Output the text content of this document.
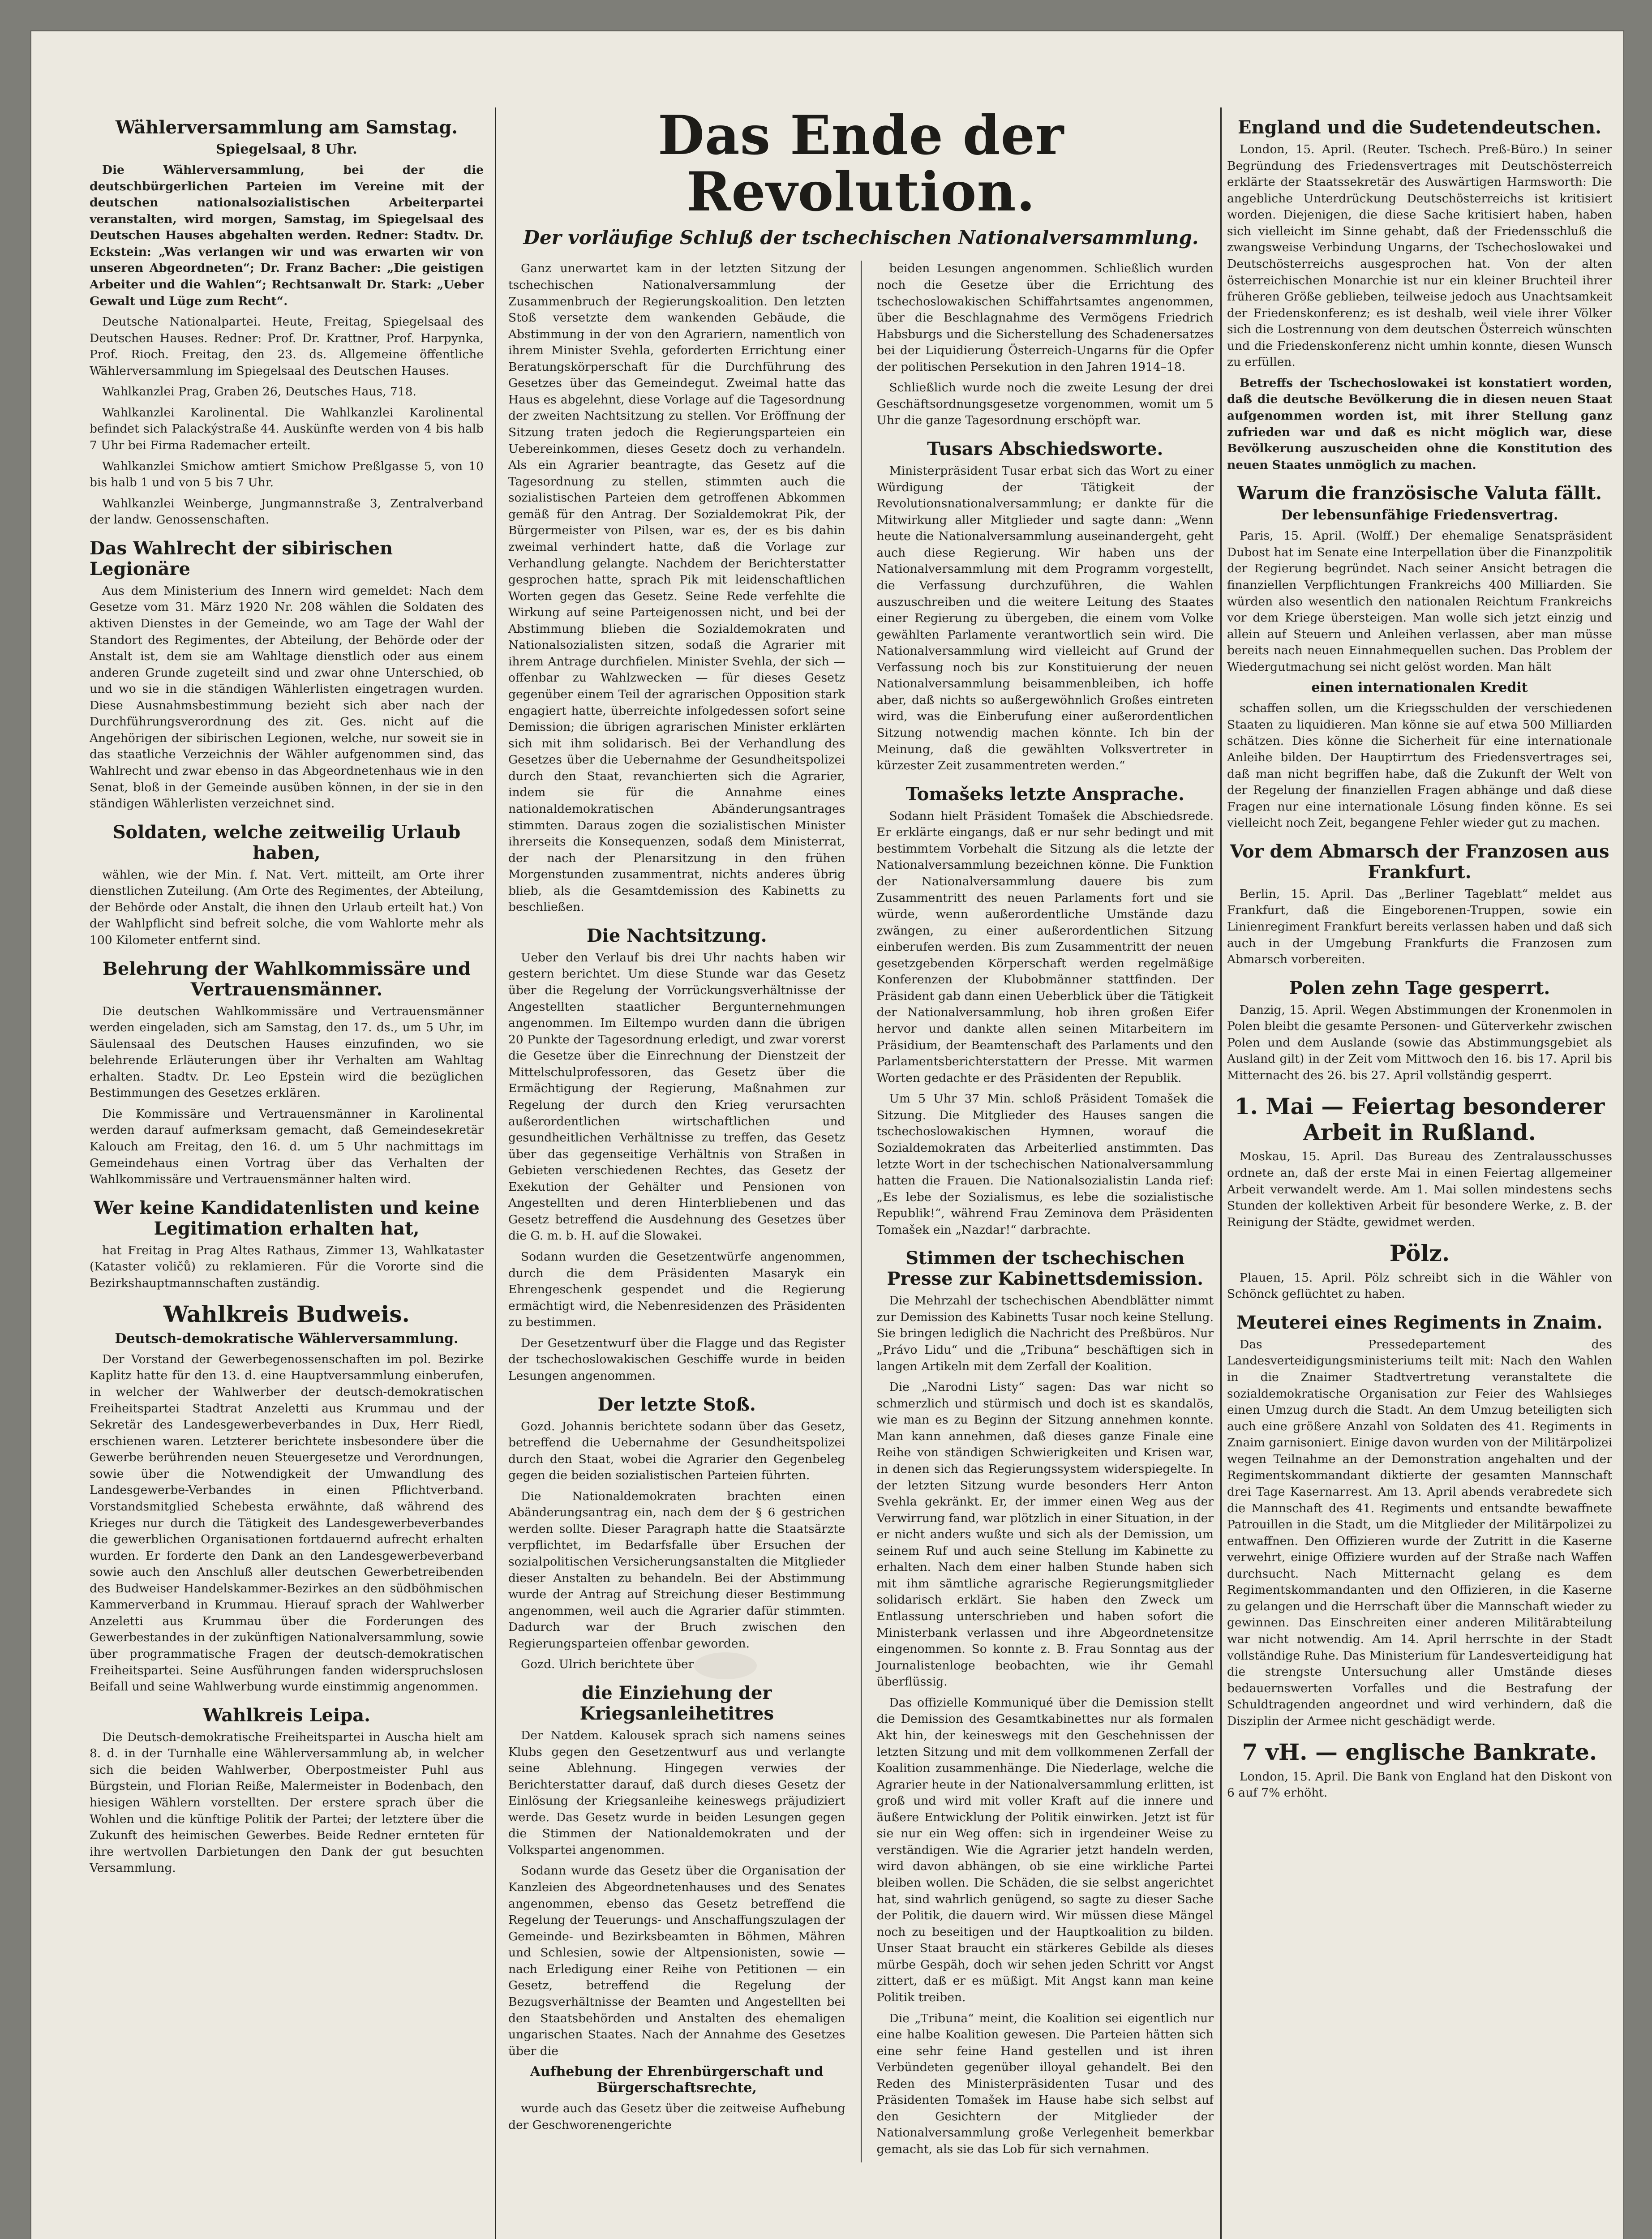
Wählerversammlung am Samstag.
Spiegelsaal, 8 Uhr.

Die Wählerversammlung, bei der die deutschbürgerlichen Parteien im Vereine mit der deutschen nationalsozialistischen Arbeiterpartei veranstalten, wird morgen, Samstag, im Spiegelsaal des Deutschen Hauses abgehalten werden. Redner: Stadtv. Dr. Eckstein: „Was verlangen wir und was erwarten wir von unseren Abgeordneten“; Dr. Franz Bacher: „Die geistigen Arbeiter und die Wahlen“; Rechtsanwalt Dr. Stark: „Ueber Gewalt und Lüge zum Recht“.

Deutsche Nationalpartei. Heute, Freitag, Spiegelsaal des Deutschen Hauses. Redner: Prof. Dr. Krattner, Prof. Harpynka, Prof. Rioch. Freitag, den 23. ds. Allgemeine öffentliche Wählerversammlung im Spiegelsaal des Deutschen Hauses.

Wahlkanzlei Prag, Graben 26, Deutsches Haus, 718.

Wahlkanzlei Karolinental. Die Wahlkanzlei Karolinental befindet sich Palackýstraße 44. Auskünfte werden von 4 bis halb 7 Uhr bei Firma Rademacher erteilt.

Wahlkanzlei Smichow amtiert Smichow Preßlgasse 5, von 10 bis halb 1 und von 5 bis 7 Uhr.

Wahlkanzlei Weinberge, Jungmannstraße 3, Zentralverband der landw. Genossenschaften.

Das Wahlrecht der sibirischen Legionäre

Aus dem Ministerium des Innern wird gemeldet: Nach dem Gesetze vom 31. März 1920 Nr. 208 wählen die Soldaten des aktiven Dienstes in der Gemeinde, wo am Tage der Wahl der Standort des Regimentes, der Abteilung, der Behörde oder der Anstalt ist, dem sie am Wahltage dienstlich oder aus einem anderen Grunde zugeteilt sind und zwar ohne Unterschied, ob und wo sie in die ständigen Wählerlisten eingetragen wurden. Diese Ausnahmsbestimmung bezieht sich aber nach der Durchführungsverordnung des zit. Ges. nicht auf die Angehörigen der sibirischen Legionen, welche, nur soweit sie in das staatliche Verzeichnis der Wähler aufgenommen sind, das Wahlrecht und zwar ebenso in das Abgeordnetenhaus wie in den Senat, bloß in der Gemeinde ausüben können, in der sie in den ständigen Wählerlisten verzeichnet sind.

Soldaten, welche zeitweilig Urlaub haben,

wählen, wie der Min. f. Nat. Vert. mitteilt, am Orte ihrer dienstlichen Zuteilung. (Am Orte des Regimentes, der Abteilung, der Behörde oder Anstalt, die ihnen den Urlaub erteilt hat.) Von der Wahlpflicht sind befreit solche, die vom Wahlorte mehr als 100 Kilometer entfernt sind.

Belehrung der Wahlkommissäre und Vertrauensmänner.

Die deutschen Wahlkommissäre und Vertrauensmänner werden eingeladen, sich am Samstag, den 17. ds., um 5 Uhr, im Säulensaal des Deutschen Hauses einzufinden, wo sie belehrende Erläuterungen über ihr Verhalten am Wahltag erhalten. Stadtv. Dr. Leo Epstein wird die bezüglichen Bestimmungen des Gesetzes erklären.

Die Kommissäre und Vertrauensmänner in Karolinental werden darauf aufmerksam gemacht, daß Gemeindesekretär Kalouch am Freitag, den 16. d. um 5 Uhr nachmittags im Gemeindehaus einen Vortrag über das Verhalten der Wahlkommissäre und Vertrauensmänner halten wird.

Wer keine Kandidatenlisten und keine Legitimation erhalten hat,

hat Freitag in Prag Altes Rathaus, Zimmer 13, Wahlkataster (Kataster voličů) zu reklamieren. Für die Vororte sind die Bezirkshauptmannschaften zuständig.

Wahlkreis Budweis.
Deutsch-demokratische Wählerversammlung.

Der Vorstand der Gewerbegenossenschaften im pol. Bezirke Kaplitz hatte für den 13. d. eine Hauptversammlung einberufen, in welcher der Wahlwerber der deutsch-demokratischen Freiheitspartei Stadtrat Anzeletti aus Krummau und der Sekretär des Landesgewerbeverbandes in Dux, Herr Riedl, erschienen waren. Letzterer berichtete insbesondere über die Gewerbe berührenden neuen Steuergesetze und Verordnungen, sowie über die Notwendigkeit der Umwandlung des Landesgewerbe-Verbandes in einen Pflichtverband. Vorstandsmitglied Schebesta erwähnte, daß während des Krieges nur durch die Tätigkeit des Landesgewerbeverbandes die gewerblichen Organisationen fortdauernd aufrecht erhalten wurden. Er forderte den Dank an den Landesgewerbeverband sowie auch den Anschluß aller deutschen Gewerbetreibenden des Budweiser Handelskammer-Bezirkes an den südböhmischen Kammerverband in Krummau. Hierauf sprach der Wahlwerber Anzeletti aus Krummau über die Forderungen des Gewerbestandes in der zukünftigen Nationalversammlung, sowie über programmatische Fragen der deutsch-demokratischen Freiheitspartei. Seine Ausführungen fanden widerspruchslosen Beifall und seine Wahlwerbung wurde einstimmig angenommen.

Wahlkreis Leipa.

Die Deutsch-demokratische Freiheitspartei in Auscha hielt am 8. d. in der Turnhalle eine Wählerversammlung ab, in welcher sich die beiden Wahlwerber, Oberpostmeister Puhl aus Bürgstein, und Florian Reiße, Malermeister in Bodenbach, den hiesigen Wählern vorstellten. Der erstere sprach über die Wohlen und die künftige Politik der Partei; der letztere über die Zukunft des heimischen Gewerbes. Beide Redner ernteten für ihre wertvollen Darbietungen den Dank der gut besuchten Versammlung.

Das Ende der Revolution.
Der vorläufige Schluß der tschechischen Nationalversammlung.

Ganz unerwartet kam in der letzten Sitzung der tschechischen Nationalversammlung der Zusammenbruch der Regierungskoalition. Den letzten Stoß versetzte dem wankenden Gebäude, die Abstimmung in der von den Agrariern, namentlich von ihrem Minister Svehla, geforderten Errichtung einer Beratungskörperschaft für die Durchführung des Gesetzes über das Gemeindegut. Zweimal hatte das Haus es abgelehnt, diese Vorlage auf die Tagesordnung der zweiten Nachtsitzung zu stellen. Vor Eröffnung der Sitzung traten jedoch die Regierungsparteien ein Uebereinkommen, dieses Gesetz doch zu verhandeln. Als ein Agrarier beantragte, das Gesetz auf die Tagesordnung zu stellen, stimmten auch die sozialistischen Parteien dem getroffenen Abkommen gemäß für den Antrag. Der Sozialdemokrat Pik, der Bürgermeister von Pilsen, war es, der es bis dahin zweimal verhindert hatte, daß die Vorlage zur Verhandlung gelangte. Nachdem der Berichterstatter gesprochen hatte, sprach Pik mit leidenschaftlichen Worten gegen das Gesetz. Seine Rede verfehlte die Wirkung auf seine Parteigenossen nicht, und bei der Abstimmung blieben die Sozialdemokraten und Nationalsozialisten sitzen, sodaß die Agrarier mit ihrem Antrage durchfielen. Minister Svehla, der sich — offenbar zu Wahlzwecken — für dieses Gesetz gegenüber einem Teil der agrarischen Opposition stark engagiert hatte, überreichte infolgedessen sofort seine Demission; die übrigen agrarischen Minister erklärten sich mit ihm solidarisch. Bei der Verhandlung des Gesetzes über die Uebernahme der Gesundheitspolizei durch den Staat, revanchierten sich die Agrarier, indem sie für die Annahme eines nationaldemokratischen Abänderungsantrages stimmten. Daraus zogen die sozialistischen Minister ihrerseits die Konsequenzen, sodaß dem Ministerrat, der nach der Plenarsitzung in den frühen Morgenstunden zusammentrat, nichts anderes übrig blieb, als die Gesamtdemission des Kabinetts zu beschließen.

Die Nachtsitzung.

Ueber den Verlauf bis drei Uhr nachts haben wir gestern berichtet. Um diese Stunde war das Gesetz über die Regelung der Vorrückungsverhältnisse der Angestellten staatlicher Bergunternehmungen angenommen. Im Eiltempo wurden dann die übrigen 20 Punkte der Tagesordnung erledigt, und zwar vorerst die Gesetze über die Einrechnung der Dienstzeit der Mittelschulprofessoren, das Gesetz über die Ermächtigung der Regierung, Maßnahmen zur Regelung der durch den Krieg verursachten außerordentlichen wirtschaftlichen und gesundheitlichen Verhältnisse zu treffen, das Gesetz über das gegenseitige Verhältnis von Straßen in Gebieten verschiedenen Rechtes, das Gesetz der Exekution der Gehälter und Pensionen von Angestellten und deren Hinterbliebenen und das Gesetz betreffend die Ausdehnung des Gesetzes über die G. m. b. H. auf die Slowakei.

Sodann wurden die Gesetzentwürfe angenommen, durch die dem Präsidenten Masaryk ein Ehrengeschenk gespendet und die Regierung ermächtigt wird, die Nebenresidenzen des Präsidenten zu bestimmen.

Der Gesetzentwurf über die Flagge und das Register der tschechoslowakischen Geschiffe wurde in beiden Lesungen angenommen.

Der letzte Stoß.

Gozd. Johannis berichtete sodann über das Gesetz, betreffend die Uebernahme der Gesundheitspolizei durch den Staat, wobei die Agrarier den Gegenbeleg gegen die beiden sozialistischen Parteien führten.

Die Nationaldemokraten brachten einen Abänderungsantrag ein, nach dem der § 6 gestrichen werden sollte. Dieser Paragraph hatte die Staatsärzte verpflichtet, im Bedarfsfalle über Ersuchen der sozialpolitischen Versicherungsanstalten die Mitglieder dieser Anstalten zu behandeln. Bei der Abstimmung wurde der Antrag auf Streichung dieser Bestimmung angenommen, weil auch die Agrarier dafür stimmten. Dadurch war der Bruch zwischen den Regierungsparteien offenbar geworden.

Gozd. Ulrich berichtete über

die Einziehung der Kriegsanleihetitres

Der Natdem. Kalousek sprach sich namens seines Klubs gegen den Gesetzentwurf aus und verlangte seine Ablehnung. Hingegen verwies der Berichterstatter darauf, daß durch dieses Gesetz der Einlösung der Kriegsanleihe keineswegs präjudiziert werde. Das Gesetz wurde in beiden Lesungen gegen die Stimmen der Nationaldemokraten und der Volkspartei angenommen.

Sodann wurde das Gesetz über die Organisation der Kanzleien des Abgeordnetenhauses und des Senates angenommen, ebenso das Gesetz betreffend die Regelung der Teuerungs- und Anschaffungszulagen der Gemeinde- und Bezirksbeamten in Böhmen, Mähren und Schlesien, sowie der Altpensionisten, sowie — nach Erledigung einer Reihe von Petitionen — ein Gesetz, betreffend die Regelung der Bezugsverhältnisse der Beamten und Angestellten bei den Staatsbehörden und Anstalten des ehemaligen ungarischen Staates. Nach der Annahme des Gesetzes über die

Aufhebung der Ehrenbürgerschaft und Bürgerschaftsrechte,

wurde auch das Gesetz über die zeitweise Aufhebung der Geschworenengerichte

beiden Lesungen angenommen. Schließlich wurden noch die Gesetze über die Errichtung des tschechoslowakischen Schiffahrtsamtes angenommen, über die Beschlagnahme des Vermögens Friedrich Habsburgs und die Sicherstellung des Schadenersatzes bei der Liquidierung Österreich-Ungarns für die Opfer der politischen Persekution in den Jahren 1914–18.

Schließlich wurde noch die zweite Lesung der drei Geschäftsordnungsgesetze vorgenommen, womit um 5 Uhr die ganze Tagesordnung erschöpft war.

Tusars Abschiedsworte.

Ministerpräsident Tusar erbat sich das Wort zu einer Würdigung der Tätigkeit der Revolutionsnationalversammlung; er dankte für die Mitwirkung aller Mitglieder und sagte dann: „Wenn heute die Nationalversammlung auseinandergeht, geht auch diese Regierung. Wir haben uns der Nationalversammlung mit dem Programm vorgestellt, die Verfassung durchzuführen, die Wahlen auszuschreiben und die weitere Leitung des Staates einer Regierung zu übergeben, die einem vom Volke gewählten Parlamente verantwortlich sein wird. Die Nationalversammlung wird vielleicht auf Grund der Verfassung noch bis zur Konstituierung der neuen Nationalversammlung beisammenbleiben, ich hoffe aber, daß nichts so außergewöhnlich Großes eintreten wird, was die Einberufung einer außerordentlichen Sitzung notwendig machen könnte. Ich bin der Meinung, daß die gewählten Volksvertreter in kürzester Zeit zusammentreten werden.“

Tomašeks letzte Ansprache.

Sodann hielt Präsident Tomašek die Abschiedsrede. Er erklärte eingangs, daß er nur sehr bedingt und mit bestimmtem Vorbehalt die Sitzung als die letzte der Nationalversammlung bezeichnen könne. Die Funktion der Nationalversammlung dauere bis zum Zusammentritt des neuen Parlaments fort und sie würde, wenn außerordentliche Umstände dazu zwängen, zu einer außerordentlichen Sitzung einberufen werden. Bis zum Zusammentritt der neuen gesetzgebenden Körperschaft werden regelmäßige Konferenzen der Klubobmänner stattfinden. Der Präsident gab dann einen Ueberblick über die Tätigkeit der Nationalversammlung, hob ihren großen Eifer hervor und dankte allen seinen Mitarbeitern im Präsidium, der Beamtenschaft des Parlaments und den Parlamentsberichterstattern der Presse. Mit warmen Worten gedachte er des Präsidenten der Republik.

Um 5 Uhr 37 Min. schloß Präsident Tomašek die Sitzung. Die Mitglieder des Hauses sangen die tschechoslowakischen Hymnen, worauf die Sozialdemokraten das Arbeiterlied anstimmten. Das letzte Wort in der tschechischen Nationalversammlung hatten die Frauen. Die Nationalsozialistin Landa rief: „Es lebe der Sozialismus, es lebe die sozialistische Republik!“, während Frau Zeminova dem Präsidenten Tomašek ein „Nazdar!“ darbrachte.

Stimmen der tschechischen Presse zur Kabinettsdemission.

Die Mehrzahl der tschechischen Abendblätter nimmt zur Demission des Kabinetts Tusar noch keine Stellung. Sie bringen lediglich die Nachricht des Preßbüros. Nur „Právo Lidu“ und die „Tribuna“ beschäftigen sich in langen Artikeln mit dem Zerfall der Koalition.

Die „Narodni Listy“ sagen: Das war nicht so schmerzlich und stürmisch und doch ist es skandalös, wie man es zu Beginn der Sitzung annehmen konnte. Man kann annehmen, daß dieses ganze Finale eine Reihe von ständigen Schwierigkeiten und Krisen war, in denen sich das Regierungssystem widerspiegelte. In der letzten Sitzung wurde besonders Herr Anton Svehla gekränkt. Er, der immer einen Weg aus der Verwirrung fand, war plötzlich in einer Situation, in der er nicht anders wußte und sich als der Demission, um seinem Ruf und auch seine Stellung im Kabinette zu erhalten. Nach dem einer halben Stunde haben sich mit ihm sämtliche agrarische Regierungsmitglieder solidarisch erklärt. Sie haben den Zweck um Entlassung unterschrieben und haben sofort die Ministerbank verlassen und ihre Abgeordnetensitze eingenommen. So konnte z. B. Frau Sonntag aus der Journalistenloge beobachten, wie ihr Gemahl überflüssig.

Das offizielle Kommuniqué über die Demission stellt die Demission des Gesamtkabinettes nur als formalen Akt hin, der keineswegs mit den Geschehnissen der letzten Sitzung und mit dem vollkommenen Zerfall der Koalition zusammenhänge. Die Niederlage, welche die Agrarier heute in der Nationalversammlung erlitten, ist groß und wird mit voller Kraft auf die innere und äußere Entwicklung der Politik einwirken. Jetzt ist für sie nur ein Weg offen: sich in irgendeiner Weise zu verständigen. Wie die Agrarier jetzt handeln werden, wird davon abhängen, ob sie eine wirkliche Partei bleiben wollen. Die Schäden, die sie selbst angerichtet hat, sind wahrlich genügend, so sagte zu dieser Sache der Politik, die dauern wird. Wir müssen diese Mängel noch zu beseitigen und der Hauptkoalition zu bilden. Unser Staat braucht ein stärkeres Gebilde als dieses mürbe Gespäh, doch wir sehen jeden Schritt vor Angst zittert, daß er es müßigt. Mit Angst kann man keine Politik treiben.

Die „Tribuna“ meint, die Koalition sei eigentlich nur eine halbe Koalition gewesen. Die Parteien hätten sich eine sehr feine Hand gestellen und ist ihren Verbündeten gegenüber illoyal gehandelt. Bei den Reden des Ministerpräsidenten Tusar und des Präsidenten Tomašek im Hause habe sich selbst auf den Gesichtern der Mitglieder der Nationalversammlung große Verlegenheit bemerkbar gemacht, als sie das Lob für sich vernahmen.

England und die Sudetendeutschen.

London, 15. April. (Reuter. Tschech. Preß-Büro.) In seiner Begründung des Friedensvertrages mit Deutschösterreich erklärte der Staatssekretär des Auswärtigen Harmsworth: Die angebliche Unterdrückung Deutschösterreichs ist kritisiert worden. Diejenigen, die diese Sache kritisiert haben, haben sich vielleicht im Sinne gehabt, daß der Friedensschluß die zwangsweise Verbindung Ungarns, der Tschechoslowakei und Deutschösterreichs ausgesprochen hat. Von der alten österreichischen Monarchie ist nur ein kleiner Bruchteil ihrer früheren Größe geblieben, teilweise jedoch aus Unachtsamkeit der Friedenskonferenz; es ist deshalb, weil viele ihrer Völker sich die Lostrennung von dem deutschen Österreich wünschten und die Friedenskonferenz nicht umhin konnte, diesen Wunsch zu erfüllen.

Betreffs der Tschechoslowakei ist konstatiert worden, daß die deutsche Bevölkerung die in diesen neuen Staat aufgenommen worden ist, mit ihrer Stellung ganz zufrieden war und daß es nicht möglich war, diese Bevölkerung auszuscheiden ohne die Konstitution des neuen Staates unmöglich zu machen.

Warum die französische Valuta fällt.
Der lebensunfähige Friedensvertrag.

Paris, 15. April. (Wolff.) Der ehemalige Senatspräsident Dubost hat im Senate eine Interpellation über die Finanzpolitik der Regierung begründet. Nach seiner Ansicht betragen die finanziellen Verpflichtungen Frankreichs 400 Milliarden. Sie würden also wesentlich den nationalen Reichtum Frankreichs vor dem Kriege übersteigen. Man wolle sich jetzt einzig und allein auf Steuern und Anleihen verlassen, aber man müsse bereits nach neuen Einnahmequellen suchen. Das Problem der Wiedergutmachung sei nicht gelöst worden. Man hält

einen internationalen Kredit

schaffen sollen, um die Kriegsschulden der verschiedenen Staaten zu liquidieren. Man könne sie auf etwa 500 Milliarden schätzen. Dies könne die Sicherheit für eine internationale Anleihe bilden. Der Hauptirrtum des Friedensvertrages sei, daß man nicht begriffen habe, daß die Zukunft der Welt von der Regelung der finanziellen Fragen abhänge und daß diese Fragen nur eine internationale Lösung finden könne. Es sei vielleicht noch Zeit, begangene Fehler wieder gut zu machen.

Vor dem Abmarsch der Franzosen aus Frankfurt.

Berlin, 15. April. Das „Berliner Tageblatt“ meldet aus Frankfurt, daß die Eingeborenen-Truppen, sowie ein Linienregiment Frankfurt bereits verlassen haben und daß sich auch in der Umgebung Frankfurts die Franzosen zum Abmarsch vorbereiten.

Polen zehn Tage gesperrt.

Danzig, 15. April. Wegen Abstimmungen der Kronenmolen in Polen bleibt die gesamte Personen- und Güterverkehr zwischen Polen und dem Auslande (sowie das Abstimmungsgebiet als Ausland gilt) in der Zeit vom Mittwoch den 16. bis 17. April bis Mitternacht des 26. bis 27. April vollständig gesperrt.

1. Mai — Feiertag besonderer Arbeit in Rußland.

Moskau, 15. April. Das Bureau des Zentralausschusses ordnete an, daß der erste Mai in einen Feiertag allgemeiner Arbeit verwandelt werde. Am 1. Mai sollen mindestens sechs Stunden der kollektiven Arbeit für besondere Werke, z. B. der Reinigung der Städte, gewidmet werden.

Pölz.

Plauen, 15. April. Pölz schreibt sich in die Wähler von Schönck geflüchtet zu haben.

Meuterei eines Regiments in Znaim.

Das Pressedepartement des Landesverteidigungsministeriums teilt mit: Nach den Wahlen in die Znaimer Stadtvertretung veranstaltete die sozialdemokratische Organisation zur Feier des Wahlsieges einen Umzug durch die Stadt. An dem Umzug beteiligten sich auch eine größere Anzahl von Soldaten des 41. Regiments in Znaim garnisoniert. Einige davon wurden von der Militärpolizei wegen Teilnahme an der Demonstration angehalten und der Regimentskommandant diktierte der gesamten Mannschaft drei Tage Kasernarrest. Am 13. April abends verabredete sich die Mannschaft des 41. Regiments und entsandte bewaffnete Patrouillen in die Stadt, um die Mitglieder der Militärpolizei zu entwaffnen. Den Offizieren wurde der Zutritt in die Kaserne verwehrt, einige Offiziere wurden auf der Straße nach Waffen durchsucht. Nach Mitternacht gelang es dem Regimentskommandanten und den Offizieren, in die Kaserne zu gelangen und die Herrschaft über die Mannschaft wieder zu gewinnen. Das Einschreiten einer anderen Militärabteilung war nicht notwendig. Am 14. April herrschte in der Stadt vollständige Ruhe. Das Ministerium für Landesverteidigung hat die strengste Untersuchung aller Umstände dieses bedauernswerten Vorfalles und die Bestrafung der Schuldtragenden angeordnet und wird verhindern, daß die Disziplin der Armee nicht geschädigt werde.

7 vH. — englische Bankrate.

London, 15. April. Die Bank von England hat den Diskont von 6 auf 7% erhöht.
